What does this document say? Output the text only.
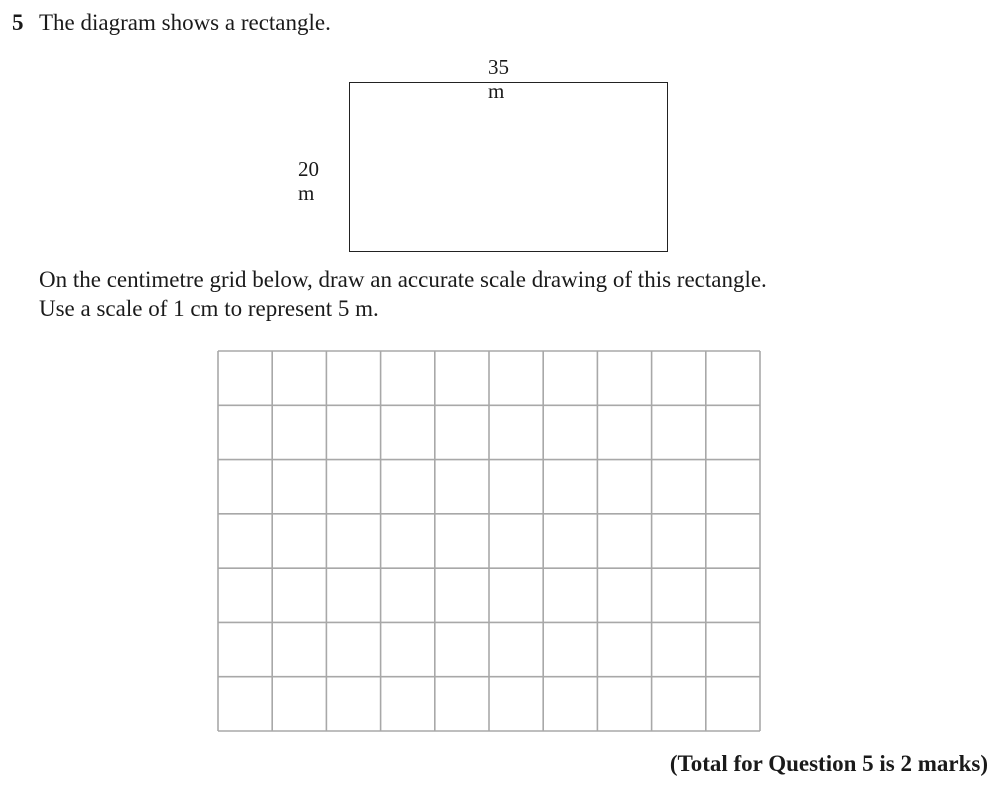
5 The diagram shows a rectangle.
35 m
20 m
On the centimetre grid below, draw an accurate scale drawing of this rectangle.
Use a scale of 1 cm to represent 5 m.
(Total for Question 5 is 2 marks)
